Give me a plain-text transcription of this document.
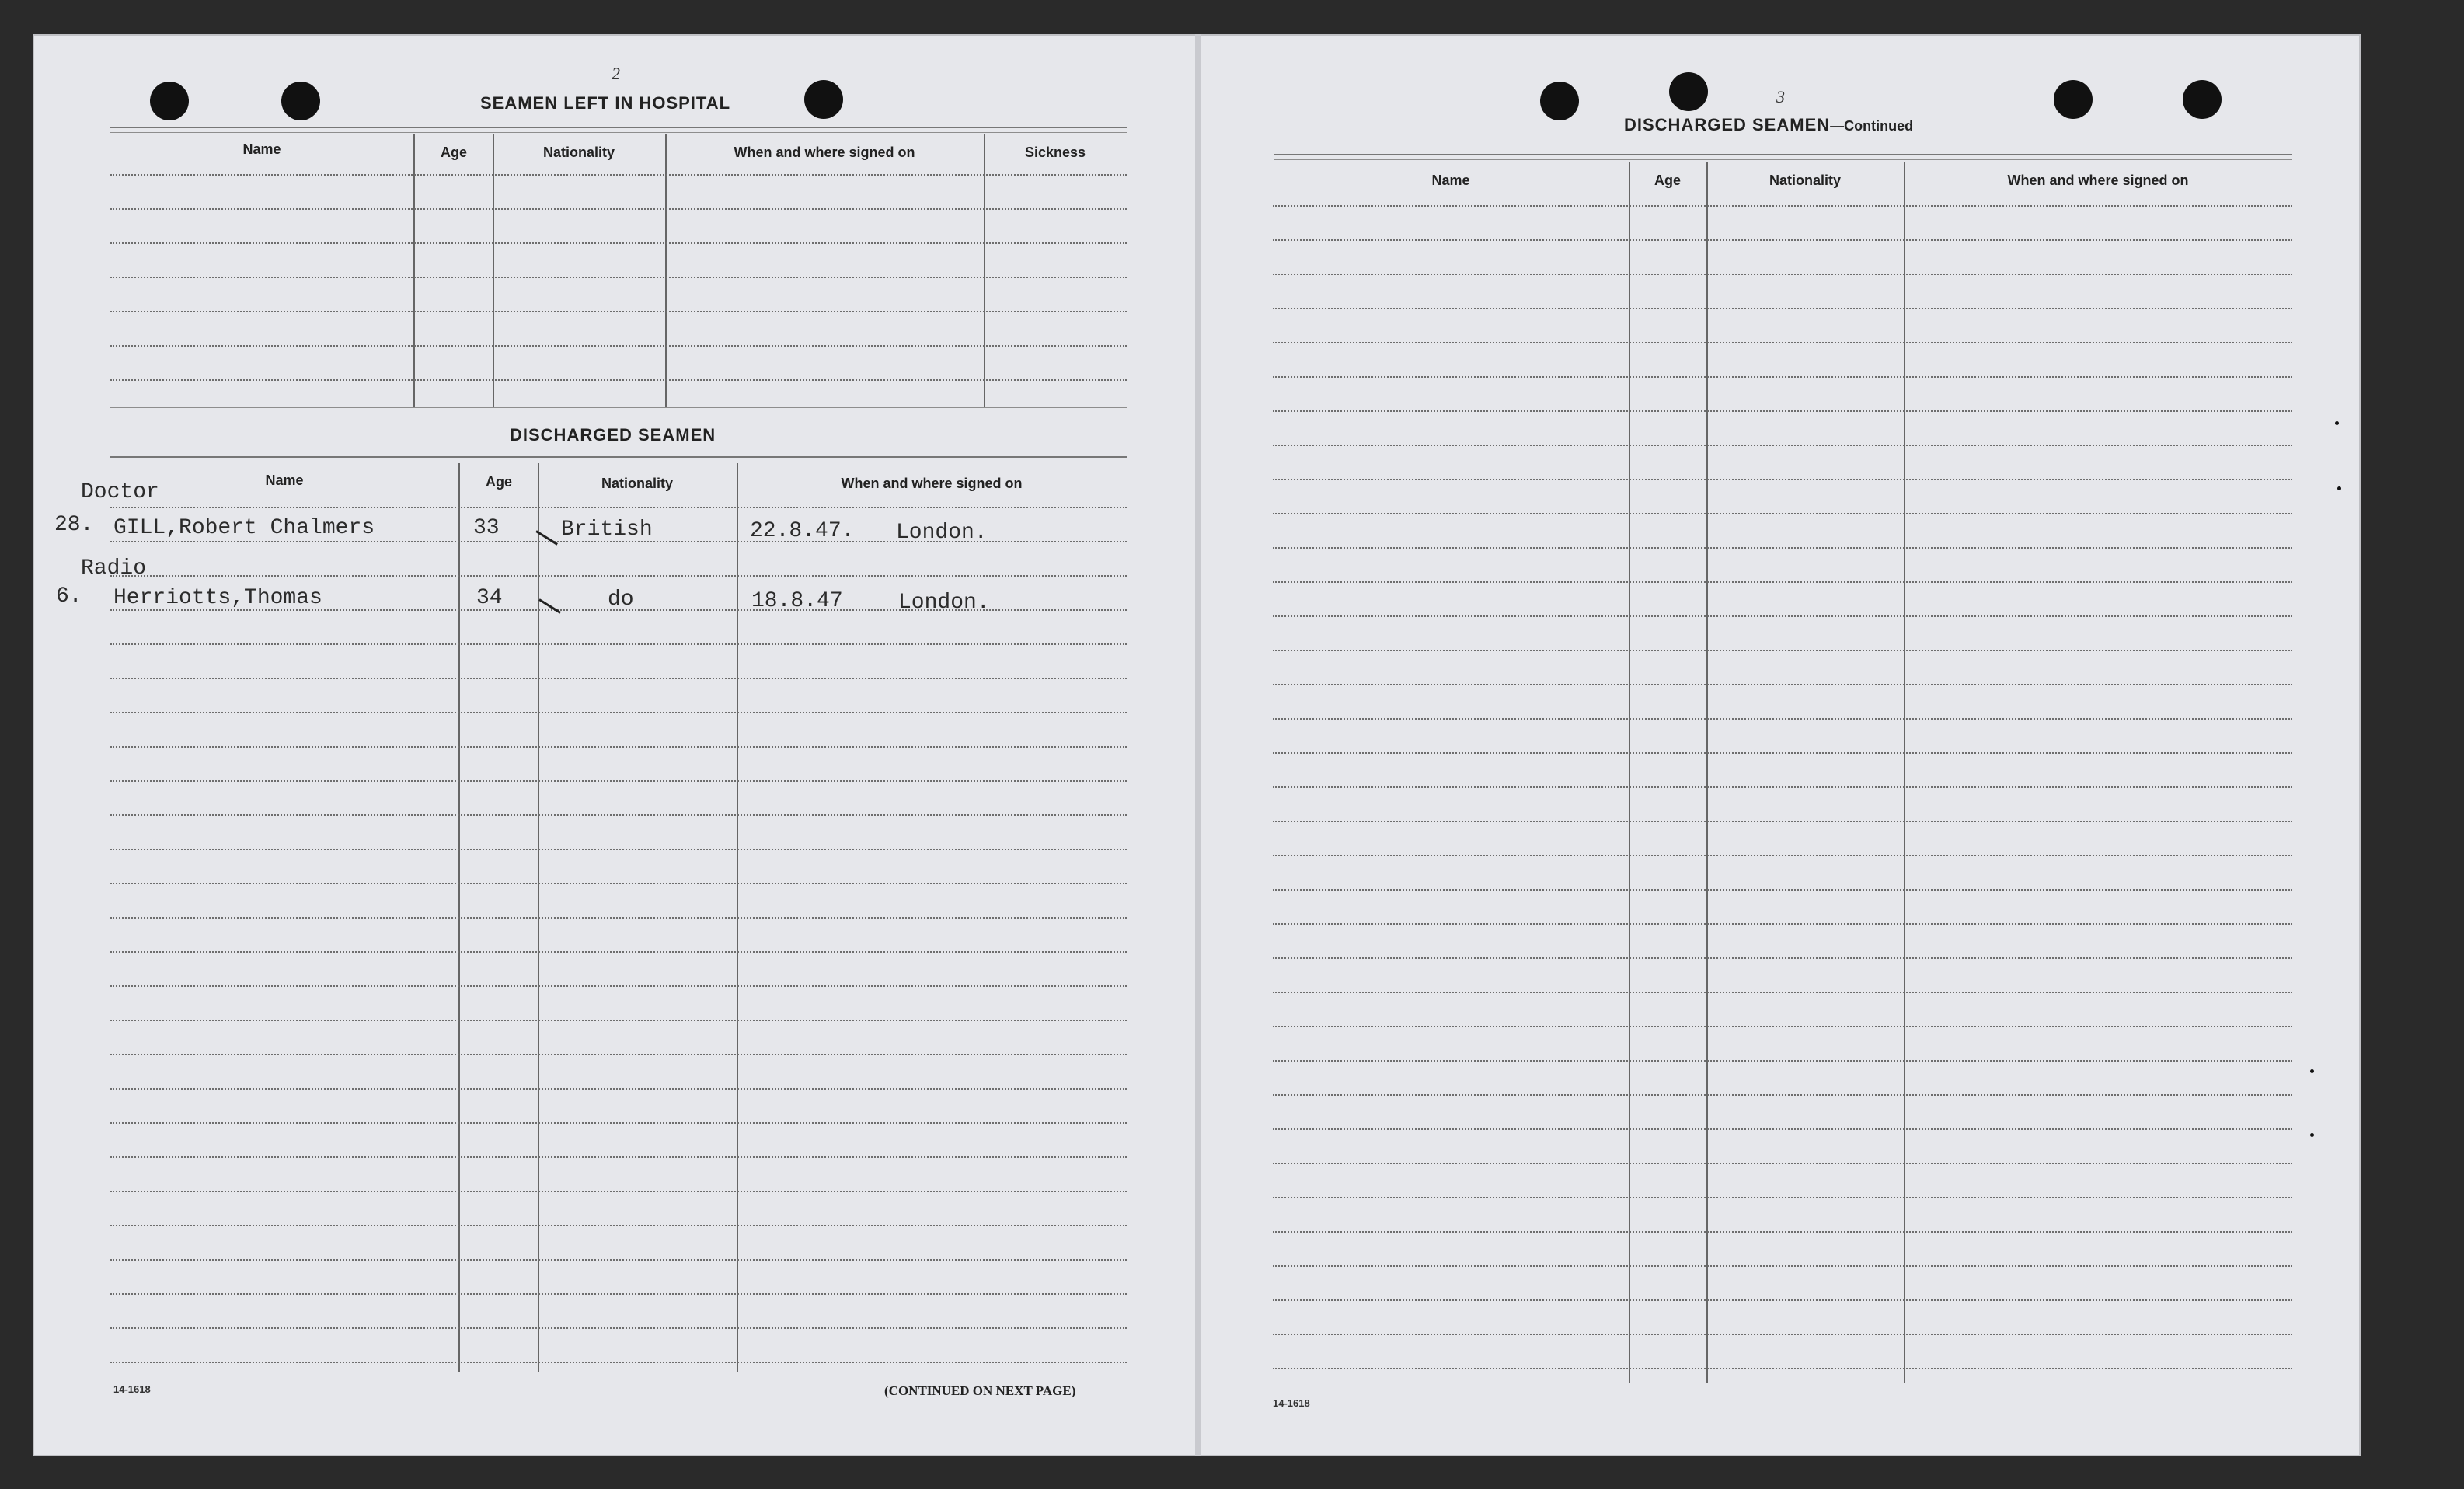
2
SEAMEN LEFT IN HOSPITAL
Name	Age	Nationality	When and where signed on	Sickness
DISCHARGED SEAMEN
Name	Age	Nationality	When and where signed on
Doctor
28. GILL,Robert Chalmers	33	British	22.8.47. London.
Radio
6. Herriotts,Thomas	34	do	18.8.47	London.
14-1618	(CONTINUED ON NEXT PAGE)
3
DISCHARGED SEAMEN—Continued
Name	Age	Nationality	When and where signed on
14-1618
